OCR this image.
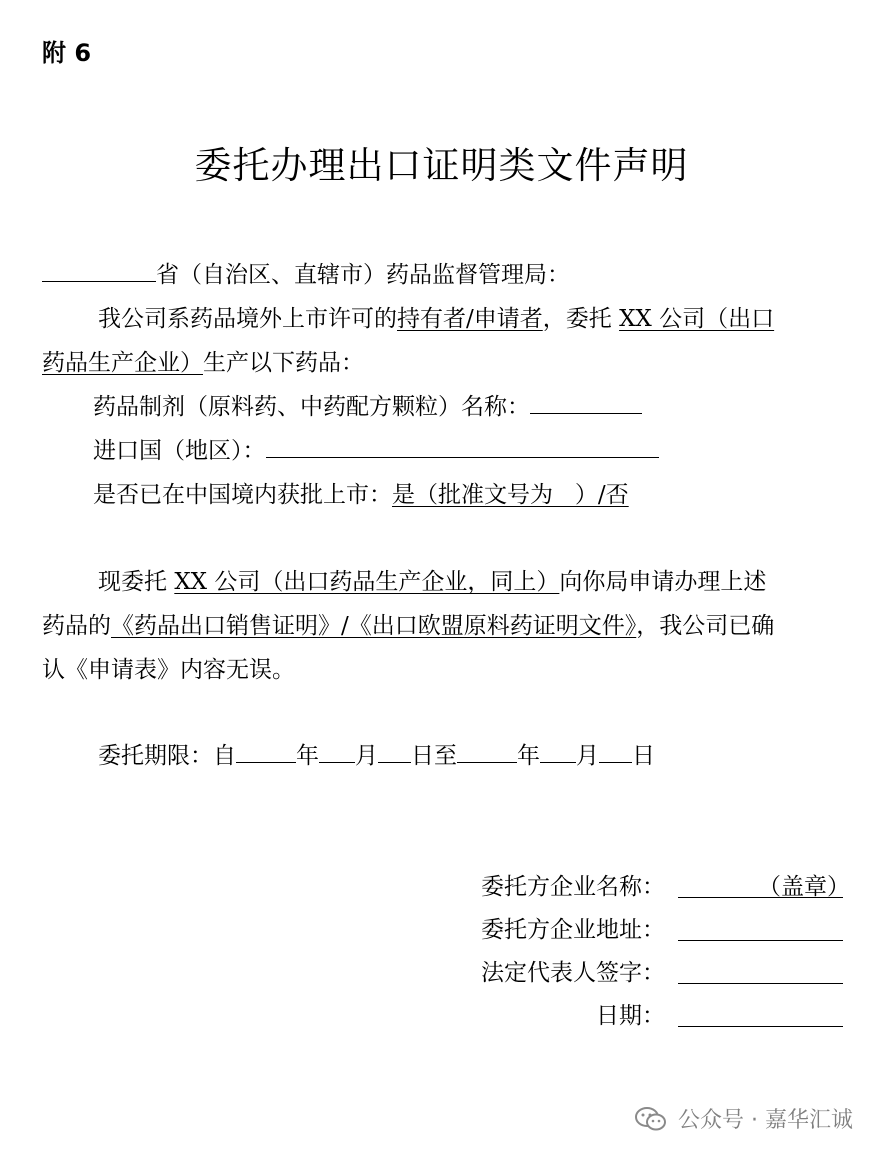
附 6
委托办理出口证明类文件声明
省（自治区、直辖市）药品监督管理局：
我公司系药品境外上市许可的持有者/申请者，委托 XX 公司（出口
药品生产企业）生产以下药品：
药品制剂（原料药、中药配方颗粒）名称：
进口国（地区）：
是否已在中国境内获批上市：是（批准文号为   ）/否
现委托 XX 公司（出口药品生产企业，同上）向你局申请办理上述
药品的《药品出口销售证明》/《出口欧盟原料药证明文件》，我公司已确
认《申请表》内容无误。
委托期限：自	年 月 日至	年 月 日
委托方企业名称：	（盖章）
委托方企业地址：
法定代表人签字：
日期：
公众号 · 嘉华汇诚
